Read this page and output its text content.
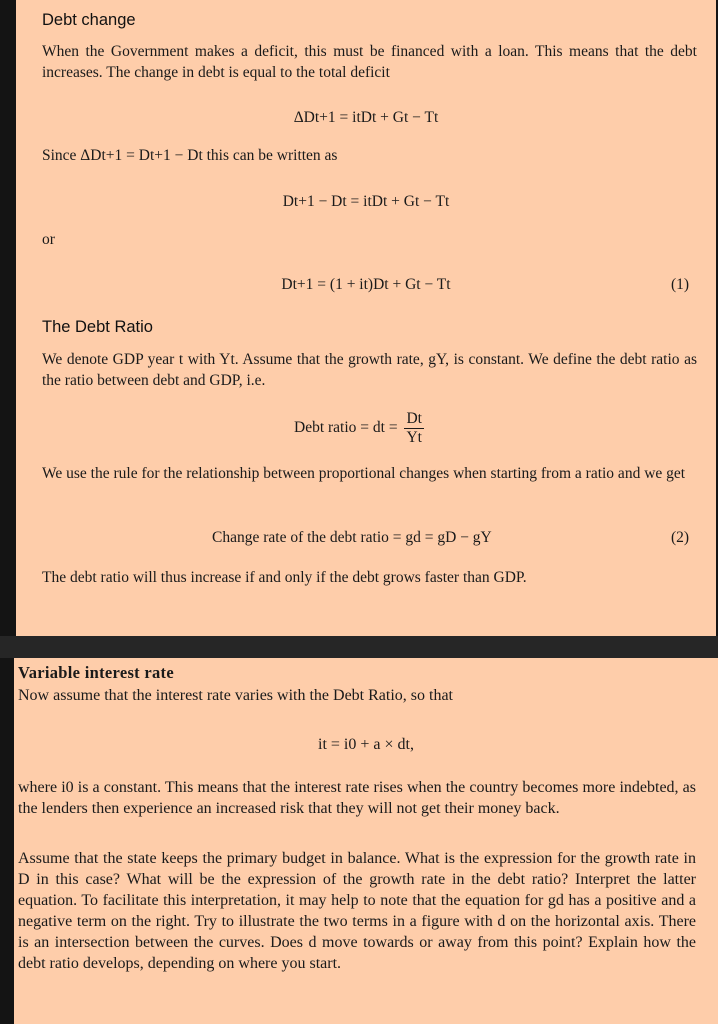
Debt change
When the Government makes a deficit, this must be financed with a loan. This means that the debt increases. The change in debt is equal to the total deficit
ΔDt+1 = itDt + Gt − Tt
Since ΔDt+1 = Dt+1 − Dt this can be written as
Dt+1 − Dt = itDt + Gt − Tt
or
Dt+1 = (1 + it)Dt + Gt − Tt	(1)
The Debt Ratio
We denote GDP year t with Yt. Assume that the growth rate, gY, is constant. We define the debt ratio as the ratio between debt and GDP, i.e.
Debt ratio = dt = $\frac{Dt}{Yt}$
We use the rule for the relationship between proportional changes when starting from a ratio and we get
Change rate of the debt ratio = gd = gD − gY	(2)
The debt ratio will thus increase if and only if the debt grows faster than GDP.
Variable interest rate
Now assume that the interest rate varies with the Debt Ratio, so that
it = i0 + a × dt,
where i0 is a constant. This means that the interest rate rises when the country becomes more indebted, as the lenders then experience an increased risk that they will not get their money back.
Assume that the state keeps the primary budget in balance. What is the expression for the growth rate in D in this case? What will be the expression of the growth rate in the debt ratio? Interpret the latter equation. To facilitate this interpretation, it may help to note that the equation for gd has a positive and a negative term on the right. Try to illustrate the two terms in a figure with d on the horizontal axis. There is an intersection between the curves. Does d move towards or away from this point? Explain how the debt ratio develops, depending on where you start.
